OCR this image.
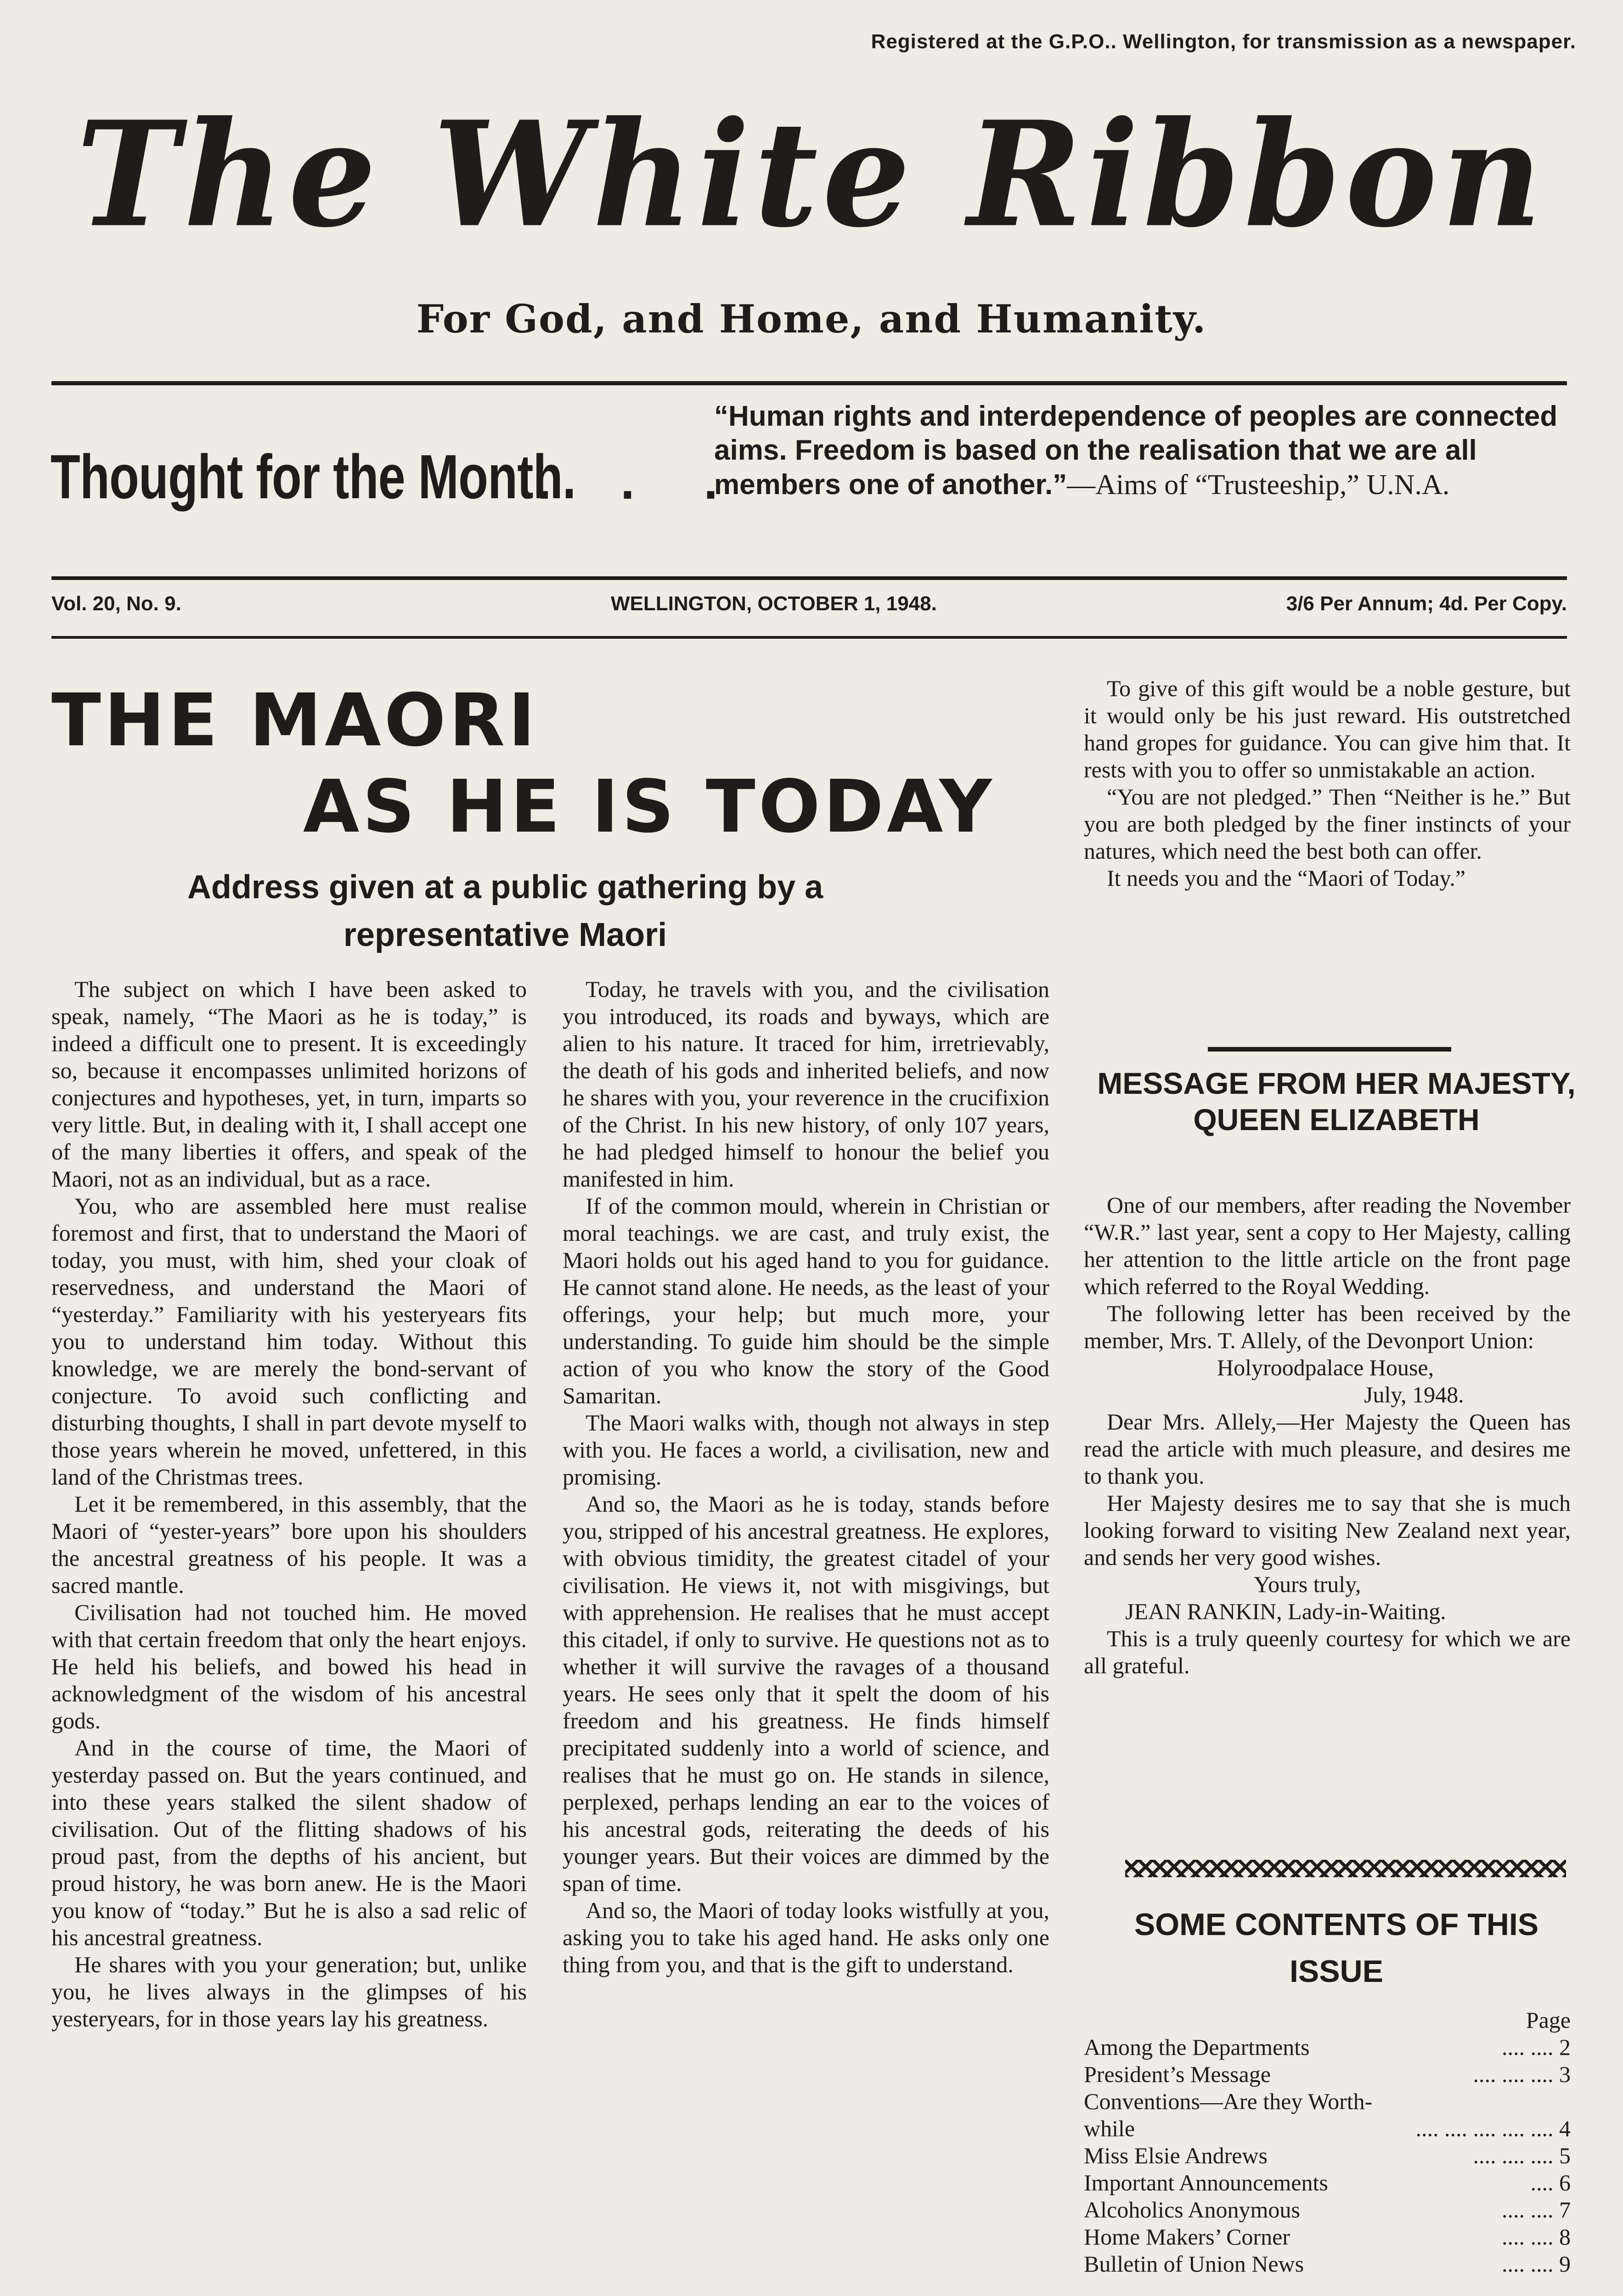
Registered at the G.P.O.. Wellington, for transmission as a newspaper.
The White Ribbon
For God, and Home, and Humanity.
Thought for the Month.
. . .
“Human rights and interdependence of peoples are connected aims. Freedom is based on the realisation that we are all members one of another.”—Aims of “Trusteeship,” U.N.A.
Vol. 20, No. 9.	WELLINGTON, OCTOBER 1, 1948.	3/6 Per Annum; 4d. Per Copy.
THE MAORI
AS HE IS TODAY
Address given at a public gathering by a representative Maori

The subject on which I have been asked to speak, namely, “The Maori as he is today,” is indeed a difficult one to present. It is exceedingly so, because it encompasses unlimited horizons of conjectures and hypotheses, yet, in turn, imparts so very little. But, in dealing with it, I shall accept one of the many liberties it offers, and speak of the Maori, not as an individual, but as a race.

You, who are assembled here must realise foremost and first, that to understand the Maori of today, you must, with him, shed your cloak of reservedness, and understand the Maori of “yesterday.” Familiarity with his yesteryears fits you to understand him today. Without this knowledge, we are merely the bond-servant of conjecture. To avoid such conflicting and disturbing thoughts, I shall in part devote myself to those years wherein he moved, unfettered, in this land of the Christmas trees.

Let it be remembered, in this assembly, that the Maori of “yester-years” bore upon his shoulders the ancestral greatness of his people. It was a sacred mantle.

Civilisation had not touched him. He moved with that certain freedom that only the heart enjoys. He held his beliefs, and bowed his head in acknowledgment of the wisdom of his ancestral gods.

And in the course of time, the Maori of yesterday passed on. But the years continued, and into these years stalked the silent shadow of civilisation. Out of the flitting shadows of his proud past, from the depths of his ancient, but proud history, he was born anew. He is the Maori you know of “today.” But he is also a sad relic of his ancestral greatness.

He shares with you your generation; but, unlike you, he lives always in the glimpses of his yesteryears, for in those years lay his greatness.

Today, he travels with you, and the civilisation you introduced, its roads and byways, which are alien to his nature. It traced for him, irretrievably, the death of his gods and inherited beliefs, and now he shares with you, your reverence in the crucifixion of the Christ. In his new history, of only 107 years, he had pledged himself to honour the belief you manifested in him.

If of the common mould, wherein in Christian or moral teachings. we are cast, and truly exist, the Maori holds out his aged hand to you for guidance. He cannot stand alone. He needs, as the least of your offerings, your help; but much more, your understanding. To guide him should be the simple action of you who know the story of the Good Samaritan.

The Maori walks with, though not always in step with you. He faces a world, a civilisation, new and promising.

And so, the Maori as he is today, stands before you, stripped of his ancestral greatness. He explores, with obvious timidity, the greatest citadel of your civilisation. He views it, not with misgivings, but with apprehension. He realises that he must accept this citadel, if only to survive. He questions not as to whether it will survive the ravages of a thousand years. He sees only that it spelt the doom of his freedom and his greatness. He finds himself precipitated suddenly into a world of science, and realises that he must go on. He stands in silence, perplexed, perhaps lending an ear to the voices of his ancestral gods, reiterating the deeds of his younger years. But their voices are dimmed by the span of time.

And so, the Maori of today looks wistfully at you, asking you to take his aged hand. He asks only one thing from you, and that is the gift to understand.

To give of this gift would be a noble gesture, but it would only be his just reward. His outstretched hand gropes for guidance. You can give him that. It rests with you to offer so unmistakable an action.

“You are not pledged.” Then “Neither is he.” But you are both pledged by the finer instincts of your natures, which need the best both can offer.

It needs you and the “Maori of Today.”

MESSAGE FROM HER MAJESTY, QUEEN ELIZABETH

One of our members, after reading the November “W.R.” last year, sent a copy to Her Majesty, calling her attention to the little article on the front page which referred to the Royal Wedding.

The following letter has been received by the member, Mrs. T. Allely, of the Devonport Union:

Holyroodpalace House,
July, 1948.

Dear Mrs. Allely,—Her Majesty the Queen has read the article with much pleasure, and desires me to thank you.

Her Majesty desires me to say that she is much looking forward to visiting New Zealand next year, and sends her very good wishes.

Yours truly,
JEAN RANKIN, Lady-in-Waiting.

This is a truly queenly courtesy for which we are all grateful.

SOME CONTENTS OF THIS ISSUE
Page
Among the Departments	.... .... 2
President’s Message	.... .... .... 3
Conventions—Are they Worth-
while	.... .... .... .... .... 4
Miss Elsie Andrews	.... .... .... 5
Important Announcements	.... 6
Alcoholics Anonymous	.... .... 7
Home Makers’ Corner	.... .... 8
Bulletin of Union News	.... .... 9
